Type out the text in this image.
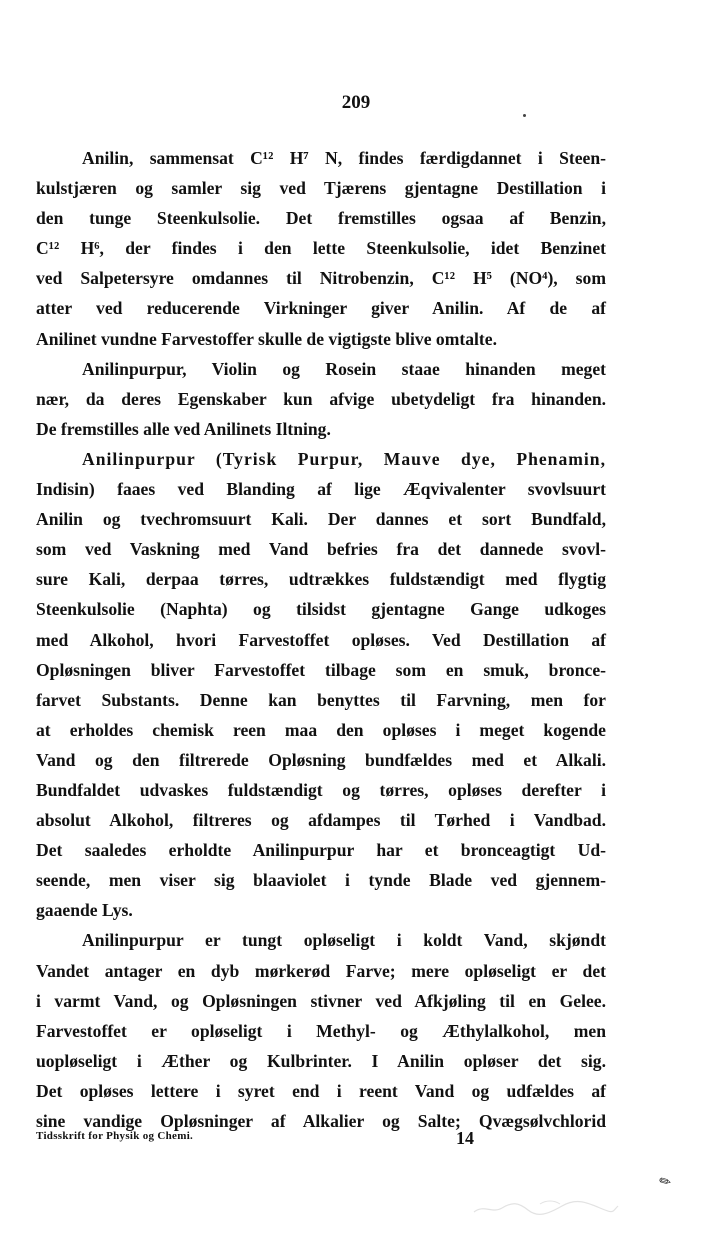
209
Anilin, sammensat C¹² H⁷ N, findes færdigdannet i Steen-
kulstjæren og samler sig ved Tjærens gjentagne Destillation i
den tunge Steenkulsolie. Det fremstilles ogsaa af Benzin,
C¹² H⁶, der findes i den lette Steenkulsolie, idet Benzinet
ved Salpetersyre omdannes til Nitrobenzin, C¹² H⁵ (NO⁴), som
atter ved reducerende Virkninger giver Anilin. Af de af
Anilinet vundne Farvestoffer skulle de vigtigste blive omtalte.
Anilinpurpur, Violin og Rosein staae hinanden meget
nær, da deres Egenskaber kun afvige ubetydeligt fra hinanden.
De fremstilles alle ved Anilinets Iltning.
Anilinpurpur (Tyrisk Purpur, Mauve dye, Phenamin,
Indisin) faaes ved Blanding af lige Æqvivalenter svovlsuurt
Anilin og tvechromsuurt Kali. Der dannes et sort Bundfald,
som ved Vaskning med Vand befries fra det dannede svovl-
sure Kali, derpaa tørres, udtrækkes fuldstændigt med flygtig
Steenkulsolie (Naphta) og tilsidst gjentagne Gange udkoges
med Alkohol, hvori Farvestoffet opløses. Ved Destillation af
Opløsningen bliver Farvestoffet tilbage som en smuk, bronce-
farvet Substants. Denne kan benyttes til Farvning, men for
at erholdes chemisk reen maa den opløses i meget kogende
Vand og den filtrerede Opløsning bundfældes med et Alkali.
Bundfaldet udvaskes fuldstændigt og tørres, opløses derefter i
absolut Alkohol, filtreres og afdampes til Tørhed i Vandbad.
Det saaledes erholdte Anilinpurpur har et bronceagtigt Ud-
seende, men viser sig blaaviolet i tynde Blade ved gjennem-
gaaende Lys.
Anilinpurpur er tungt opløseligt i koldt Vand, skjøndt
Vandet antager en dyb mørkerød Farve; mere opløseligt er det
i varmt Vand, og Opløsningen stivner ved Afkjøling til en Gelee.
Farvestoffet er opløseligt i Methyl- og Æthylalkohol, men
uopløseligt i Æther og Kulbrinter. I Anilin opløser det sig.
Det opløses lettere i syret end i reent Vand og udfældes af
sine vandige Opløsninger af Alkalier og Salte; Qvægsølvchlorid
Tidsskrift for Physik og Chemi.	14
✎
